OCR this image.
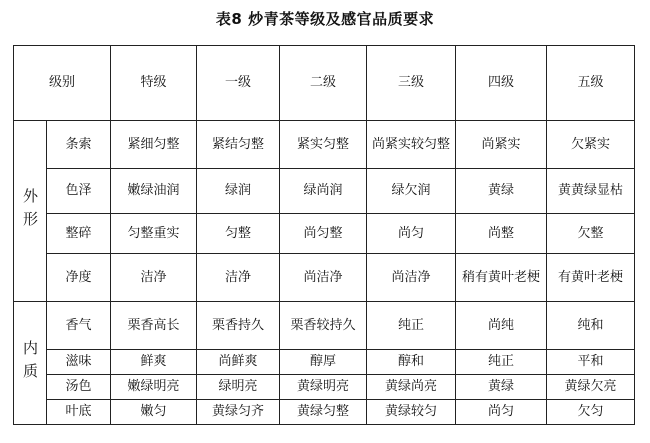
表8 炒青茶等级及感官品质要求
级别		特级	一级	二级	三级	四级	五级
外形	条索	紧细匀整	紧结匀整	紧实匀整	尚紧实较匀整	尚紧实	欠紧实
	色泽	嫩绿油润	绿润	绿尚润	绿欠润	黄绿	黄黄绿显枯
	整碎	匀整重实	匀整	尚匀整	尚匀	尚整	欠整
	净度	洁净	洁净	尚洁净	尚洁净	稍有黄叶老梗	有黄叶老梗
内质	香气	栗香高长	栗香持久	栗香较持久	纯正	尚纯	纯和
	滋味	鲜爽	尚鲜爽	醇厚	醇和	纯正	平和
	汤色	嫩绿明亮	绿明亮	黄绿明亮	黄绿尚亮	黄绿	黄绿欠亮
	叶底	嫩匀	黄绿匀齐	黄绿匀整	黄绿较匀	尚匀	欠匀
